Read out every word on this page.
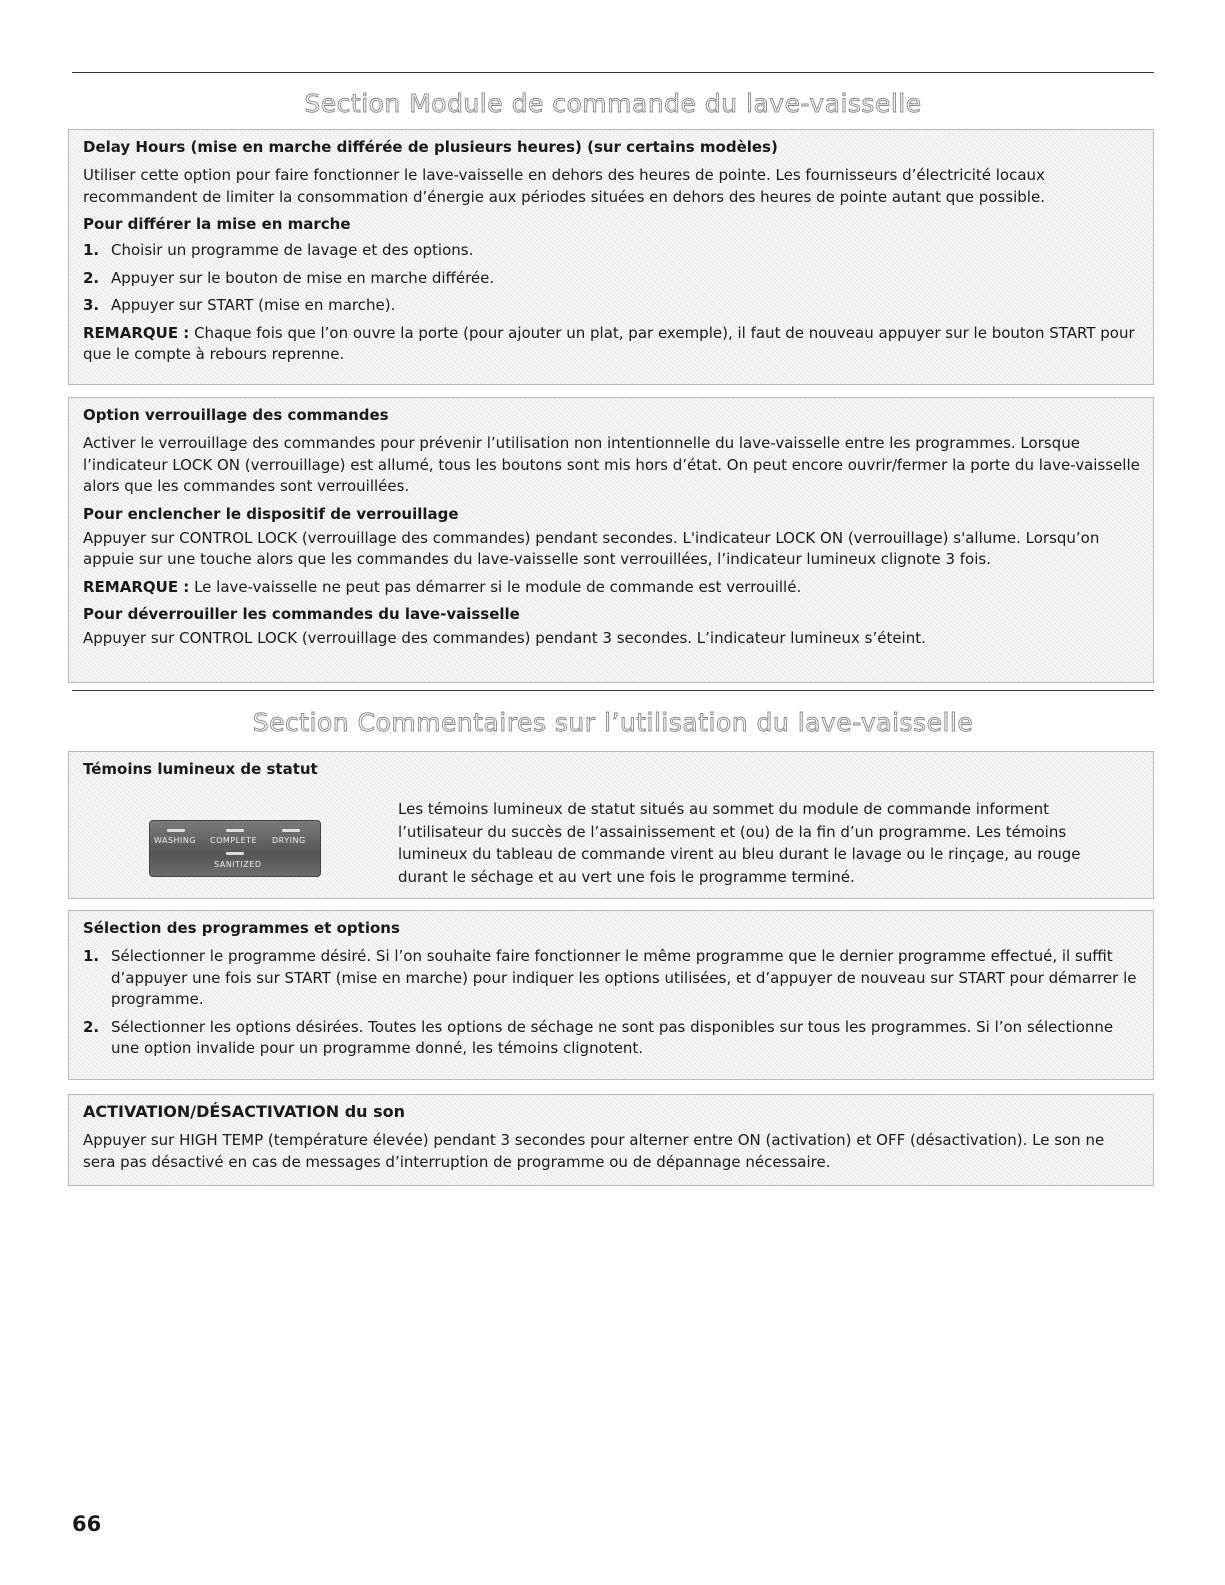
Section Module de commande du lave-vaisselle
Delay Hours (mise en marche différée de plusieurs heures) (sur certains modèles)
Utiliser cette option pour faire fonctionner le lave-vaisselle en dehors des heures de pointe. Les fournisseurs d’électricité locaux recommandent de limiter la consommation d’énergie aux périodes situées en dehors des heures de pointe autant que possible.
Pour différer la mise en marche
1. Choisir un programme de lavage et des options.
2. Appuyer sur le bouton de mise en marche différée.
3. Appuyer sur START (mise en marche).
REMARQUE : Chaque fois que l’on ouvre la porte (pour ajouter un plat, par exemple), il faut de nouveau appuyer sur le bouton START pour que le compte à rebours reprenne.
Option verrouillage des commandes
Activer le verrouillage des commandes pour prévenir l’utilisation non intentionnelle du lave-vaisselle entre les programmes. Lorsque l’indicateur LOCK ON (verrouillage) est allumé, tous les boutons sont mis hors d’état. On peut encore ouvrir/fermer la porte du lave-vaisselle alors que les commandes sont verrouillées.
Pour enclencher le dispositif de verrouillage
Appuyer sur CONTROL LOCK (verrouillage des commandes) pendant secondes. L'indicateur LOCK ON (verrouillage) s'allume. Lorsqu’on appuie sur une touche alors que les commandes du lave-vaisselle sont verrouillées, l’indicateur lumineux clignote 3 fois.
REMARQUE : Le lave-vaisselle ne peut pas démarrer si le module de commande est verrouillé.
Pour déverrouiller les commandes du lave-vaisselle
Appuyer sur CONTROL LOCK (verrouillage des commandes) pendant 3 secondes. L’indicateur lumineux s’éteint.
Section Commentaires sur l’utilisation du lave-vaisselle
Témoins lumineux de statut
WASHING COMPLETE DRYING
SANITIZED
Les témoins lumineux de statut situés au sommet du module de commande informent l’utilisateur du succès de l’assainissement et (ou) de la fin d’un programme. Les témoins lumineux du tableau de commande virent au bleu durant le lavage ou le rinçage, au rouge durant le séchage et au vert une fois le programme terminé.
Sélection des programmes et options
1. Sélectionner le programme désiré. Si l’on souhaite faire fonctionner le même programme que le dernier programme effectué, il suffit d’appuyer une fois sur START (mise en marche) pour indiquer les options utilisées, et d’appuyer de nouveau sur START pour démarrer le programme.
2. Sélectionner les options désirées. Toutes les options de séchage ne sont pas disponibles sur tous les programmes. Si l’on sélectionne une option invalide pour un programme donné, les témoins clignotent.
ACTIVATION/DÉSACTIVATION du son
Appuyer sur HIGH TEMP (température élevée) pendant 3 secondes pour alterner entre ON (activation) et OFF (désactivation). Le son ne sera pas désactivé en cas de messages d’interruption de programme ou de dépannage nécessaire.
66
